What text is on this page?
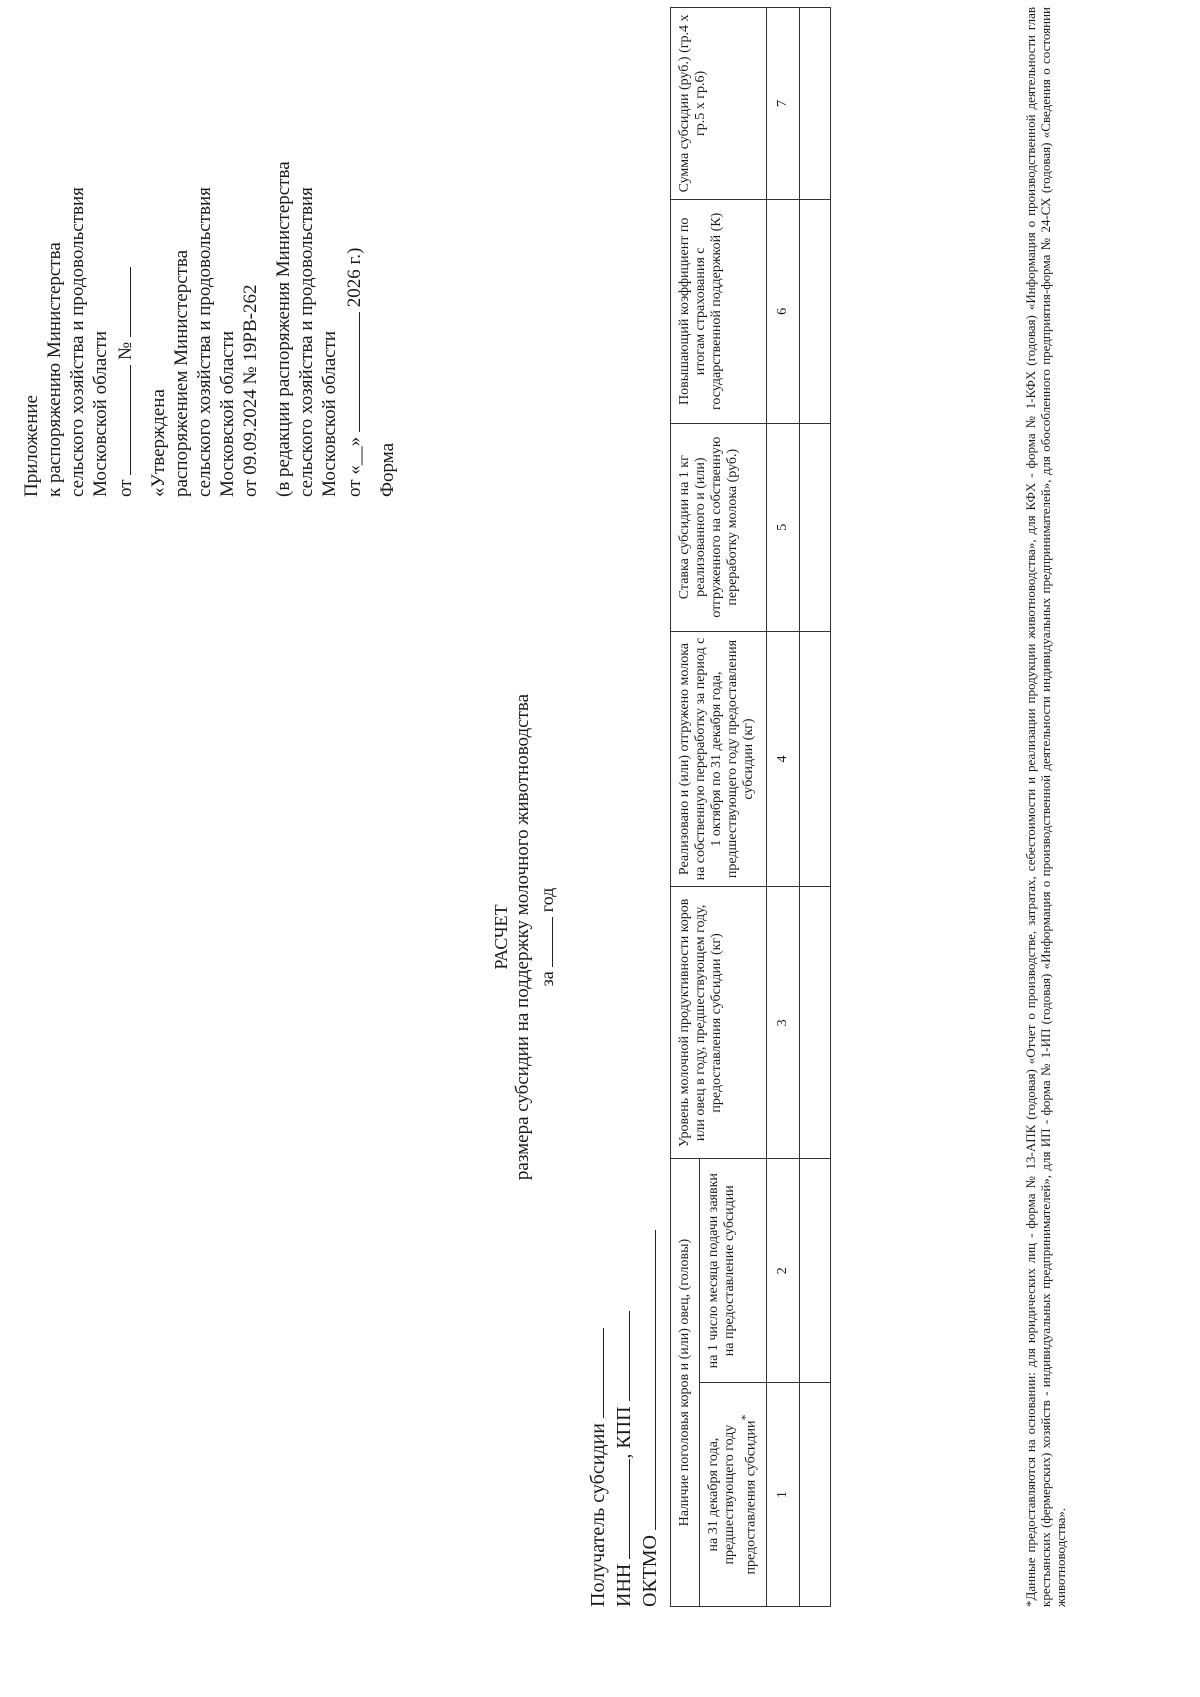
Приложение к распоряжению Министерства сельского хозяйства и продовольствия Московской области от  №
«Утверждена распоряжением Министерства сельского хозяйства и продовольствия Московской области от 09.09.2024 № 19РВ-262 (в редакции распоряжения Министерства сельского хозяйства и продовольствия Московской области от «__»  2026 г.)
Форма
РАСЧЕТ размера субсидии на поддержку молочного животноводства за  год
Получатель субсидии ИНН , КПП
ОКТМО
Наличие поголовья коров и (или) овец, (головы)		Уровень молочной продуктивности коров или овец в году, предшествующем году, предоставления субсидии (кг)	Реализовано и (или) отгружено молока на собственную переработку за период с 1 октября по 31 декабря года, предшествующего году предоставления субсидии (кг)	Ставка субсидии на 1 кг реализованного и (или) отгруженного на собственную переработку молока (руб.)	Повышающий коэффициент по итогам страхования с государственной поддержкой (К)	Сумма субсидии (руб.) (гр.4 х гр.5 х гр.6)
на 31 декабря года, предшествующего году предоставления субсидии*	на 1 число месяца подачи заявки на предоставление субсидии					
1	2	3	4	5	6	7
							*Данные предоставляются на основании: для юридических лиц - форма № 13-АПК (годовая) «Отчет о производстве, затратах, себестоимости и реализации продукции животноводства», для КФХ - форма № 1-КФХ (годовая) «Информация о производственной деятельности глав крестьянских (фермерских) хозяйств - индивидуальных предпринимателей», для ИП - форма № 1-ИП (годовая) «Информация о производственной деятельности индивидуальных предпринимателей», для обособленного предприятия-форма № 24-СХ (годовая) «Сведения о состоянии животноводства».
